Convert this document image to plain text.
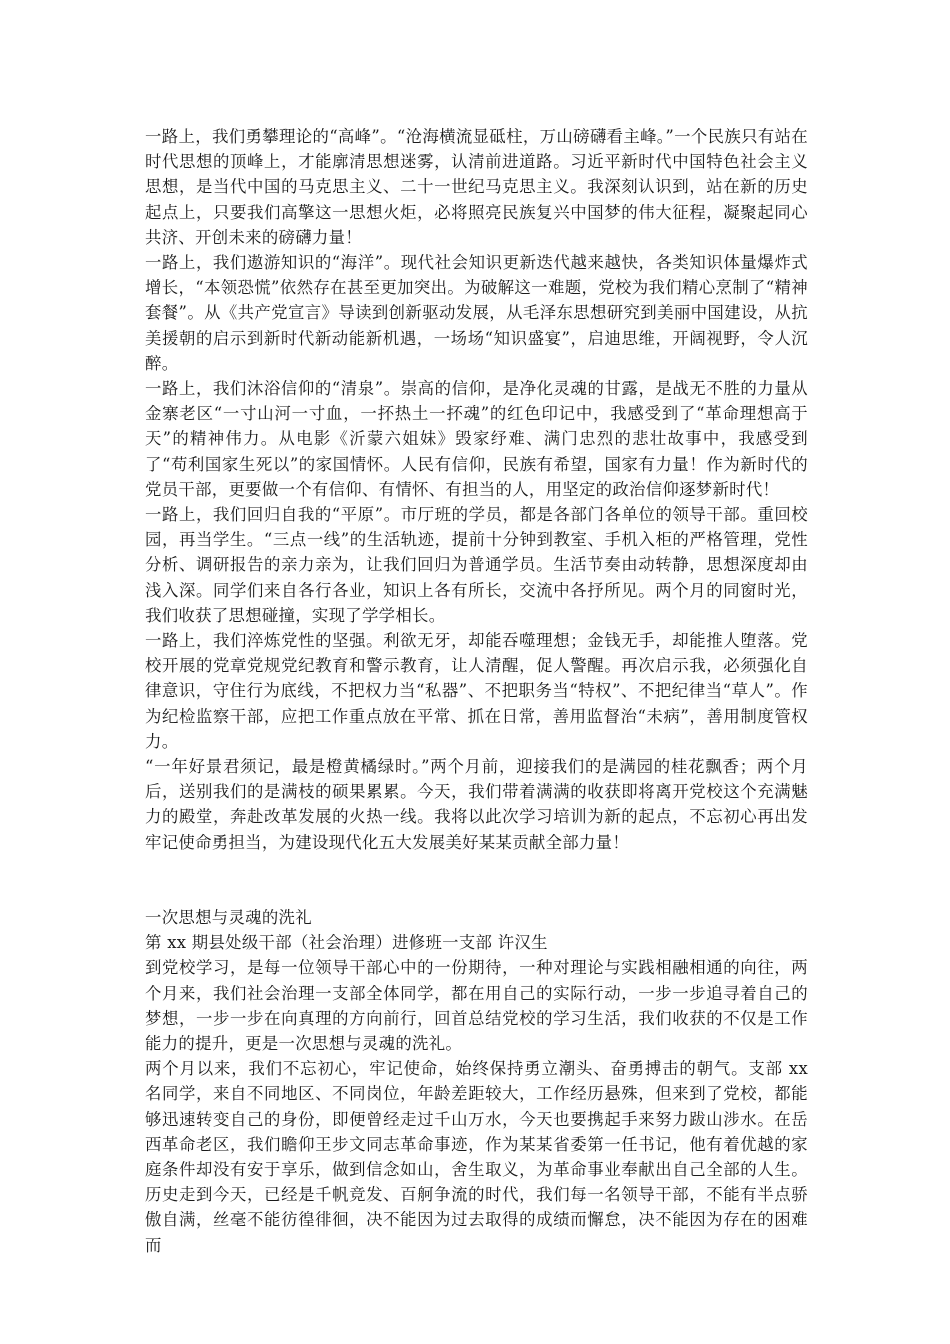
一路上，我们勇攀理论的“高峰”。“沧海横流显砥柱，万山磅礴看主峰。”一个民族只有站在时代思想的顶峰上，才能廓清思想迷雾，认清前进道路。习近平新时代中国特色社会主义思想，是当代中国的马克思主义、二十一世纪马克思主义。我深刻认识到，站在新的历史起点上，只要我们高擎这一思想火炬，必将照亮民族复兴中国梦的伟大征程，凝聚起同心共济、开创未来的磅礴力量！

一路上，我们遨游知识的“海洋”。现代社会知识更新迭代越来越快，各类知识体量爆炸式增长，“本领恐慌”依然存在甚至更加突出。为破解这一难题，党校为我们精心烹制了“精神套餐”。从《共产党宣言》导读到创新驱动发展，从毛泽东思想研究到美丽中国建设，从抗美援朝的启示到新时代新动能新机遇，一场场“知识盛宴”，启迪思维，开阔视野，令人沉醉。

一路上，我们沐浴信仰的“清泉”。崇高的信仰，是净化灵魂的甘露，是战无不胜的力量从金寨老区“一寸山河一寸血，一抔热土一抔魂”的红色印记中，我感受到了“革命理想高于天”的精神伟力。从电影《沂蒙六姐妹》毁家纾难、满门忠烈的悲壮故事中，我感受到了“苟利国家生死以”的家国情怀。人民有信仰，民族有希望，国家有力量！作为新时代的党员干部，更要做一个有信仰、有情怀、有担当的人，用坚定的政治信仰逐梦新时代！

一路上，我们回归自我的“平原”。市厅班的学员，都是各部门各单位的领导干部。重回校园，再当学生。“三点一线”的生活轨迹，提前十分钟到教室、手机入柜的严格管理，党性分析、调研报告的亲力亲为，让我们回归为普通学员。生活节奏由动转静，思想深度却由浅入深。同学们来自各行各业，知识上各有所长，交流中各抒所见。两个月的同窗时光，我们收获了思想碰撞，实现了学学相长。

一路上，我们淬炼党性的坚强。利欲无牙，却能吞噬理想；金钱无手，却能推人堕落。党校开展的党章党规党纪教育和警示教育，让人清醒，促人警醒。再次启示我，必须强化自律意识，守住行为底线，不把权力当“私器”、不把职务当“特权”、不把纪律当“草人”。作为纪检监察干部，应把工作重点放在平常、抓在日常，善用监督治“未病”，善用制度管权力。

“一年好景君须记，最是橙黄橘绿时。”两个月前，迎接我们的是满园的桂花飘香；两个月后，送别我们的是满枝的硕果累累。今天，我们带着满满的收获即将离开党校这个充满魅力的殿堂，奔赴改革发展的火热一线。我将以此次学习培训为新的起点，不忘初心再出发牢记使命勇担当，为建设现代化五大发展美好某某贡献全部力量！

一次思想与灵魂的洗礼

第 xx 期县处级干部（社会治理）进修班一支部 许汉生

到党校学习，是每一位领导干部心中的一份期待，一种对理论与实践相融相通的向往，两个月来，我们社会治理一支部全体同学，都在用自己的实际行动，一步一步追寻着自己的梦想，一步一步在向真理的方向前行，回首总结党校的学习生活，我们收获的不仅是工作能力的提升，更是一次思想与灵魂的洗礼。

两个月以来，我们不忘初心，牢记使命，始终保持勇立潮头、奋勇搏击的朝气。支部 xx 名同学，来自不同地区、不同岗位，年龄差距较大，工作经历悬殊，但来到了党校，都能够迅速转变自己的身份，即便曾经走过千山万水，今天也要携起手来努力跋山涉水。在岳西革命老区，我们瞻仰王步文同志革命事迹，作为某某省委第一任书记，他有着优越的家庭条件却没有安于享乐，做到信念如山，舍生取义，为革命事业奉献出自己全部的人生。历史走到今天，已经是千帆竞发、百舸争流的时代，我们每一名领导干部，不能有半点骄傲自满，丝毫不能彷徨徘徊，决不能因为过去取得的成绩而懈怠，决不能因为存在的困难而
